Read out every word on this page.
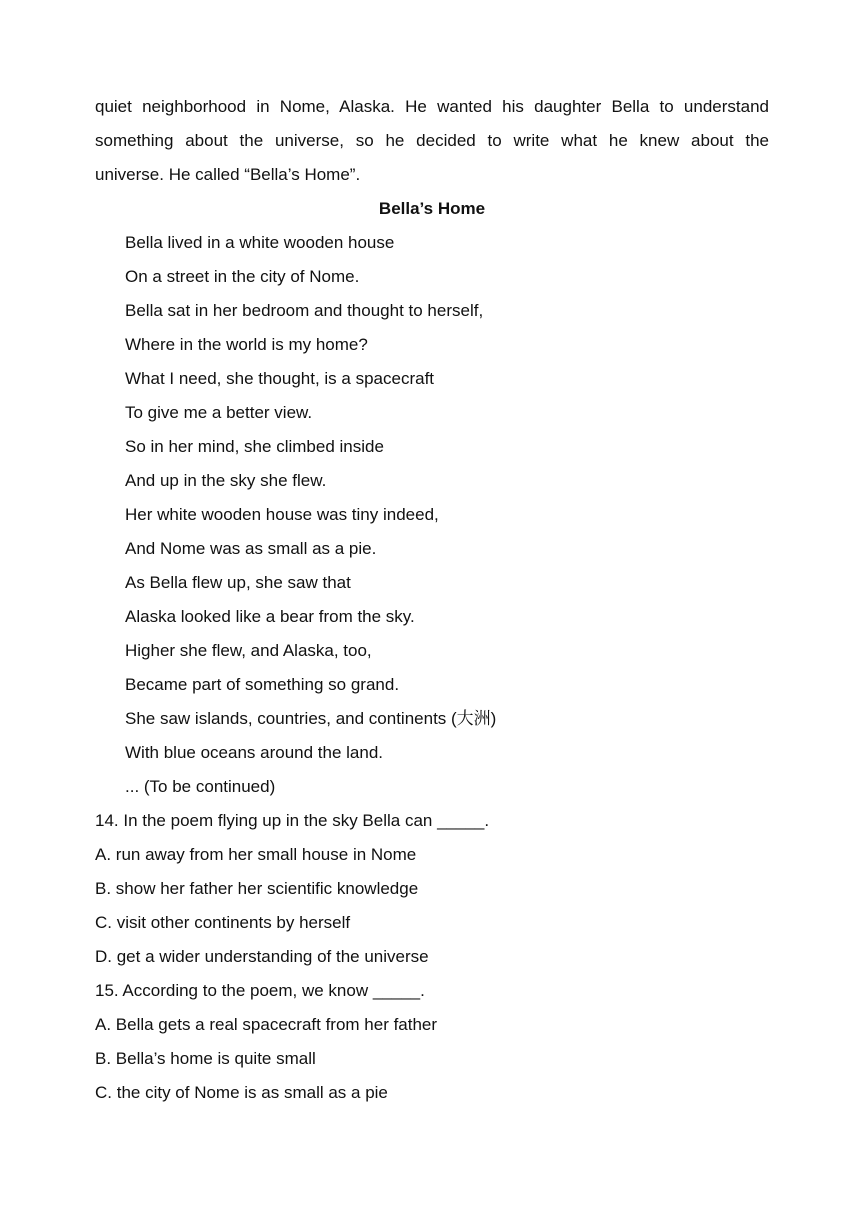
quiet neighborhood in Nome, Alaska. He wanted his daughter Bella to understand
something about the universe, so he decided to write what he knew about the
universe. He called “Bella’s Home”.
Bella’s Home
Bella lived in a white wooden house
On a street in the city of Nome.
Bella sat in her bedroom and thought to herself,
Where in the world is my home?
What I need, she thought, is a spacecraft
To give me a better view.
So in her mind, she climbed inside
And up in the sky she flew.
Her white wooden house was tiny indeed,
And Nome was as small as a pie.
As Bella flew up, she saw that
Alaska looked like a bear from the sky.
Higher she flew, and Alaska, too,
Became part of something so grand.
She saw islands, countries, and continents (大洲)
With blue oceans around the land.
... (To be continued)
14. In the poem flying up in the sky Bella can _____.
A. run away from her small house in Nome
B. show her father her scientific knowledge
C. visit other continents by herself
D. get a wider understanding of the universe
15. According to the poem, we know _____.
A. Bella gets a real spacecraft from her father
B. Bella’s home is quite small
C. the city of Nome is as small as a pie
